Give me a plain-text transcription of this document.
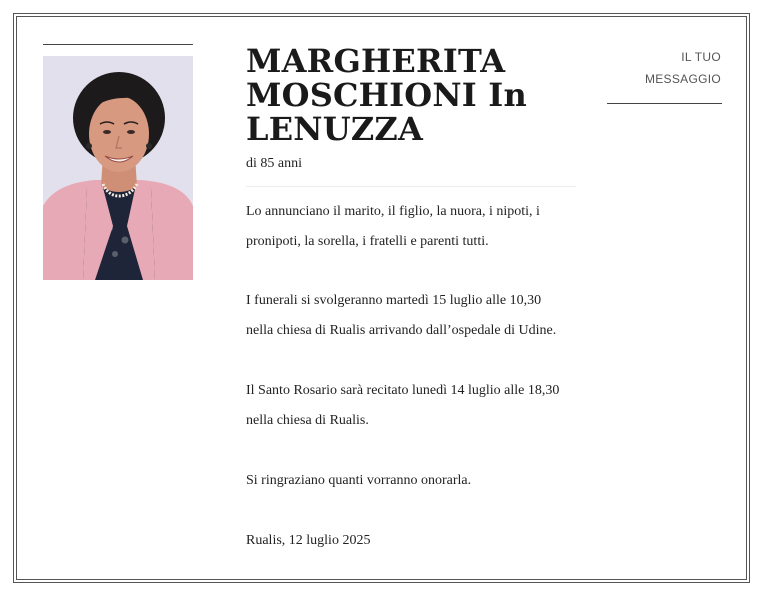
MARGHERITA
MOSCHIONI In
LENUZZA
di 85 anni

Lo annunciano il marito, il figlio, la nuora, i nipoti, i
pronipoti, la sorella, i fratelli e parenti tutti.

I funerali si svolgeranno martedì 15 luglio alle 10,30
nella chiesa di Rualis arrivando dall’ospedale di Udine.

Il Santo Rosario sarà recitato lunedì 14 luglio alle 18,30
nella chiesa di Rualis.

Si ringraziano quanti vorranno onorarla.

Rualis, 12 luglio 2025

IL TUO
MESSAGGIO
